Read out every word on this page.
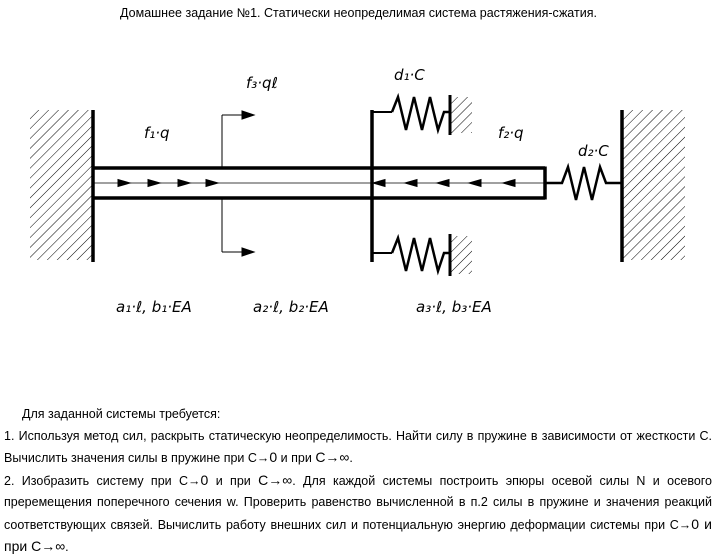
Домашнее задание №1. Статически неопределимая система растяжения-сжатия.
f₃·qℓ	d₁·C
f₁·q	f₂·q
d₂·C
a₁·ℓ, b₁·EA	a₂·ℓ, b₂·EA	a₃·ℓ, b₃·EA

Для заданной системы требуется:

1. Используя метод сил, раскрыть статическую неопределимость. Найти силу в пружине в зависимости от жесткости С. Вычислить значения силы в пружине при C→0 и при C→∞.

2. Изобразить систему при C→0 и при C→∞. Для каждой системы построить эпюры осевой силы N и осевого преремещения поперечного сечения w. Проверить равенство вычисленной в п.2 силы в пружине и значения реакций соответствующих связей. Вычислить работу внешних сил и потенциальную энергию деформации системы при C→0 и при C→∞.
